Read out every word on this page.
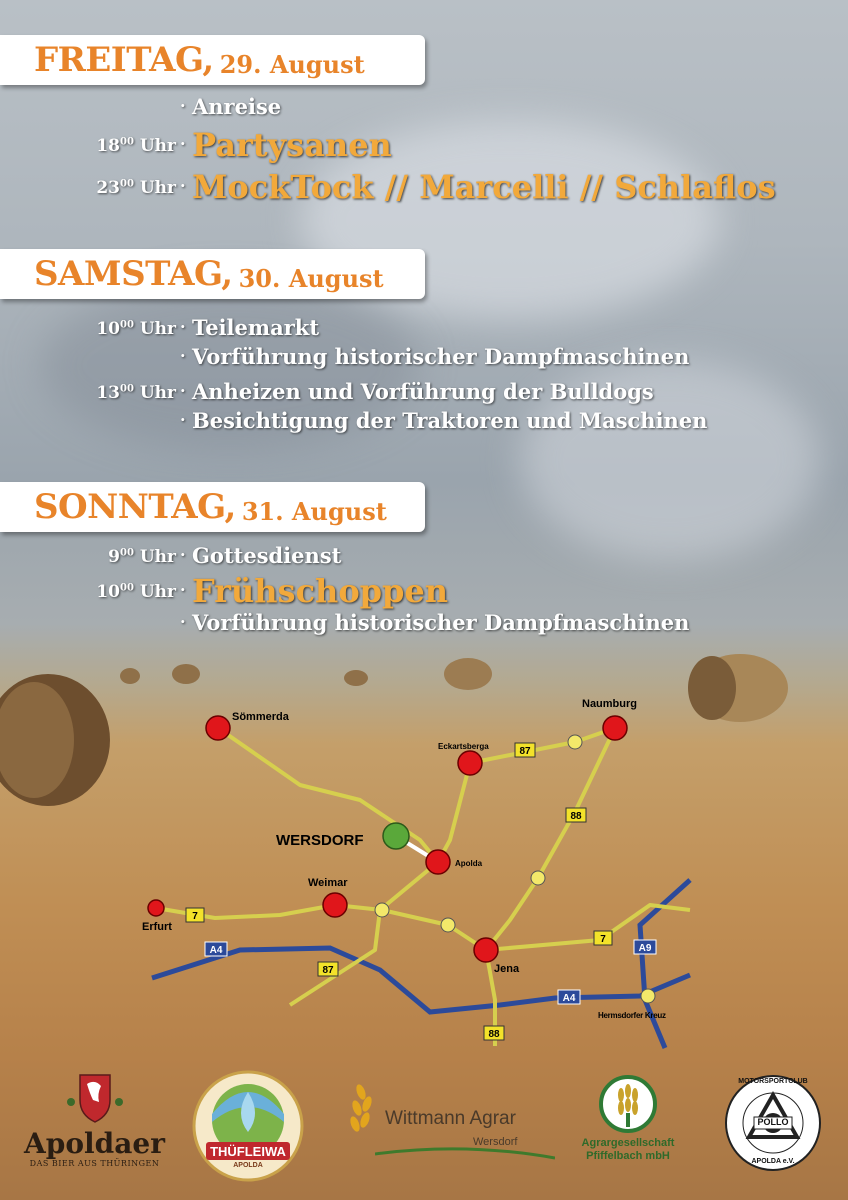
FREITAG, 29. August
· Anreise
$18^{00}$ Uhr · Partysanen
$23^{00}$ Uhr · MockTock // Marcelli // Schlaflos
SAMSTAG, 30. August
$10^{00}$ Uhr · Teilemarkt
· Vorführung historischer Dampfmaschinen
$13^{00}$ Uhr · Anheizen und Vorführung der Bulldogs
· Besichtigung der Traktoren und Maschinen
SONNTAG, 31. August
$9^{00}$ Uhr · Gottesdienst
$10^{00}$ Uhr · Frühschoppen
· Vorführung historischer Dampfmaschinen
87
88
7
A4
87
7
A9
A4
88
Sömmerda
Naumburg
Eckartsberga
WERSDORF
Apolda
Weimar
Erfurt
Jena
Hermsdorfer Kreuz
Apoldaer
DAS BIER AUS THÜRINGEN
THÜFLEIWA
APOLDA
Wittmann Agrar
Wersdorf	Agrargesellschaft
Pfiffelbach mbH
MOTORSPORTCLUB
POLLO
APOLDA e.V.
